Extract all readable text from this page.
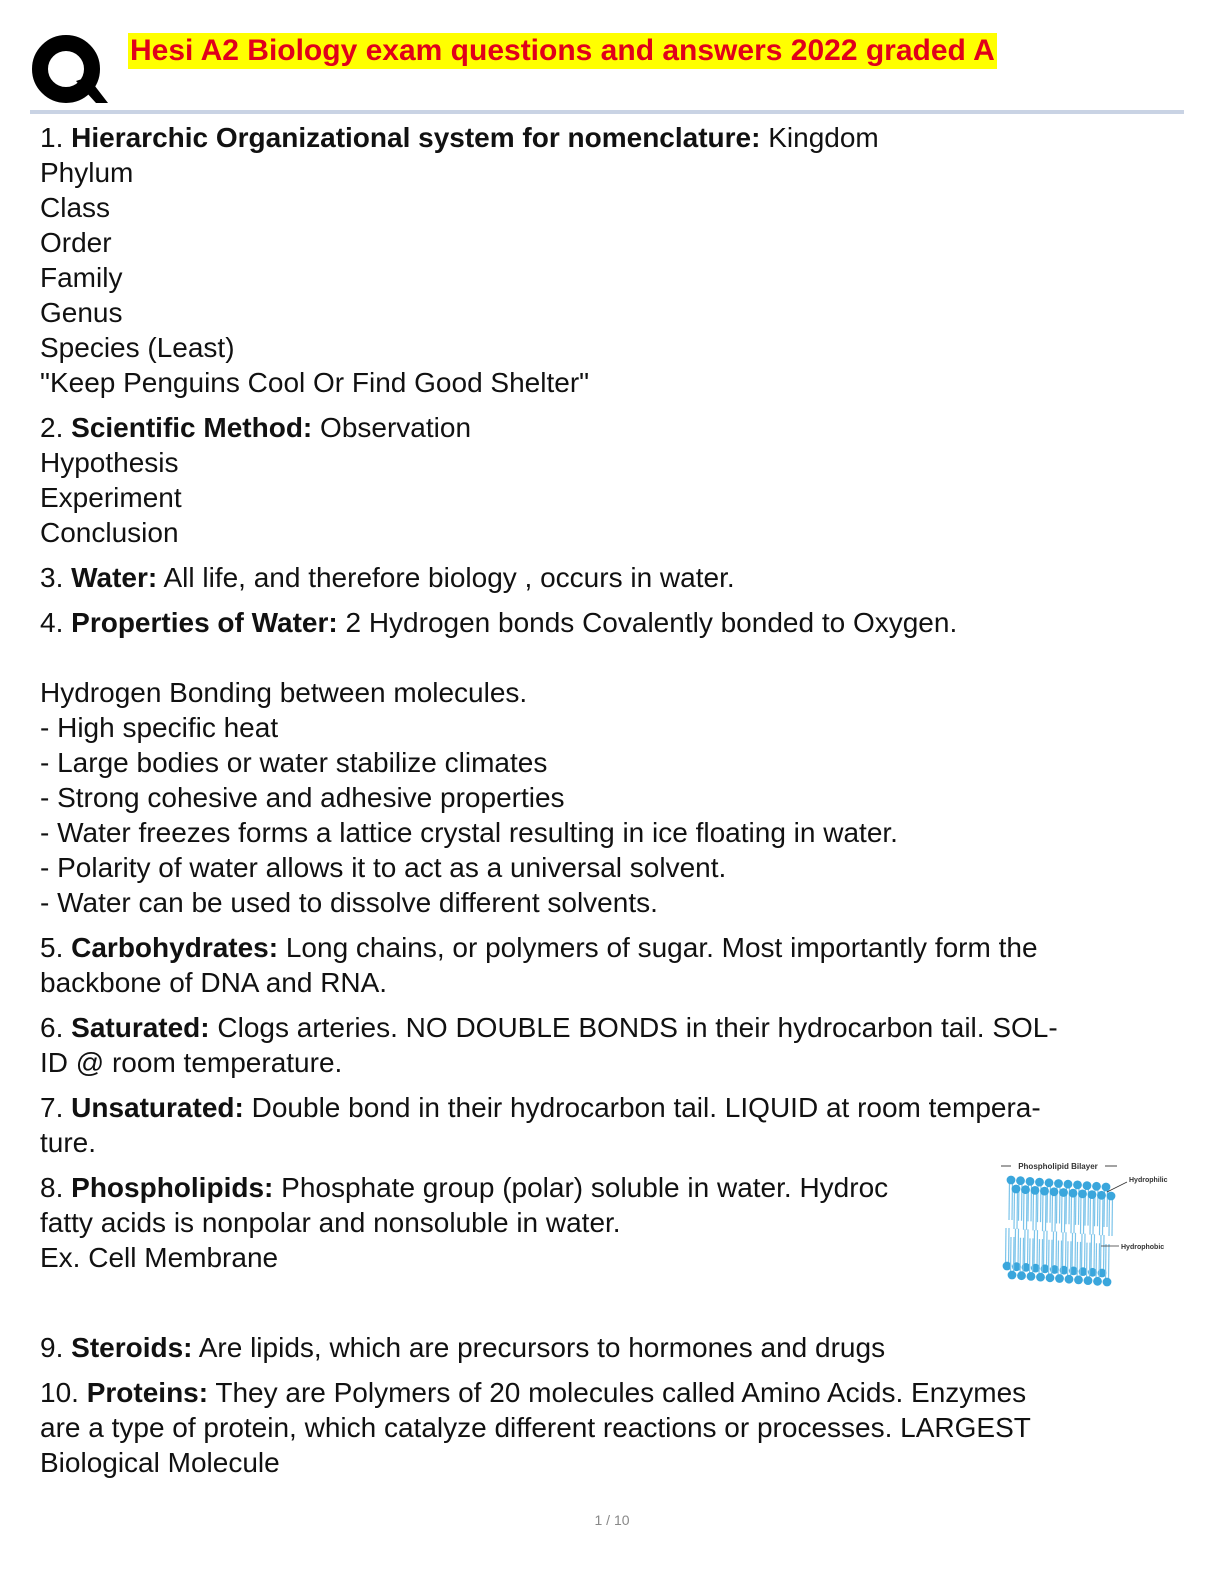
Hesi A2 Biology exam questions and answers 2022 graded A
1. Hierarchic Organizational system for nomenclature: Kingdom
Phylum
Class
Order
Family
Genus
Species (Least)
"Keep Penguins Cool Or Find Good Shelter"
2. Scientific Method: Observation
Hypothesis
Experiment
Conclusion
3. Water: All life, and therefore biology , occurs in water.
4. Properties of Water: 2 Hydrogen bonds Covalently bonded to Oxygen.
Hydrogen Bonding between molecules.
- High specific heat
- Large bodies or water stabilize climates
- Strong cohesive and adhesive properties
- Water freezes forms a lattice crystal resulting in ice floating in water.
- Polarity of water allows it to act as a universal solvent.
- Water can be used to dissolve different solvents.
5. Carbohydrates: Long chains, or polymers of sugar. Most importantly form the
backbone of DNA and RNA.
6. Saturated: Clogs arteries. NO DOUBLE BONDS in their hydrocarbon tail. SOL-
ID @ room temperature.
7. Unsaturated: Double bond in their hydrocarbon tail. LIQUID at room tempera-
ture.
8. Phospholipids: Phosphate group (polar) soluble in water. Hydroc
fatty acids is nonpolar and nonsoluble in water.
Ex. Cell Membrane
Phospholipid Bilayer
Hydrophilic
Hydrophobic
9. Steroids: Are lipids, which are precursors to hormones and drugs
10. Proteins: They are Polymers of 20 molecules called Amino Acids. Enzymes
are a type of protein, which catalyze different reactions or processes. LARGEST
Biological Molecule
1 / 10
